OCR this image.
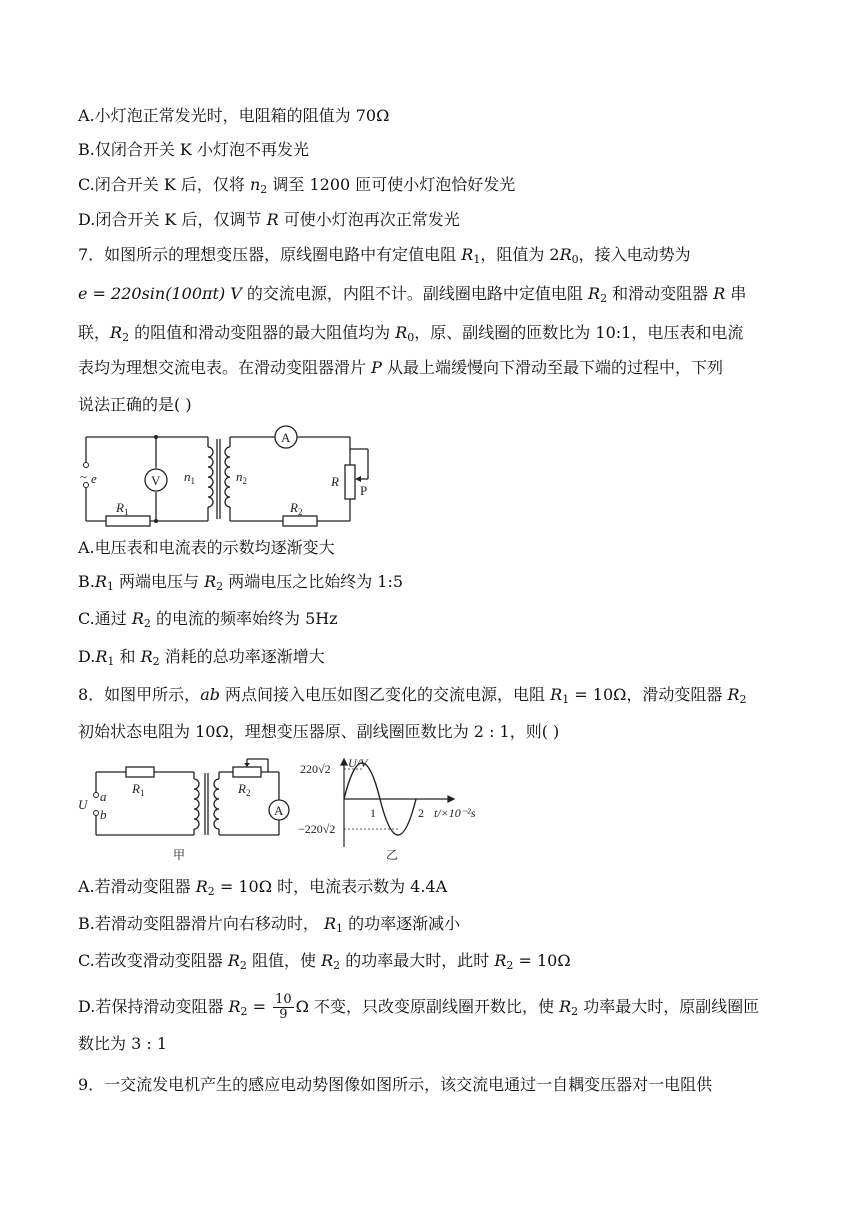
A.小灯泡正常发光时，电阻箱的阻值为 70Ω
B.仅闭合开关 K 小灯泡不再发光
C.闭合开关 K 后，仅将 $n_2$ 调至 1200 匝可使小灯泡恰好发光
D.闭合开关 K 后，仅调节 R 可使小灯泡再次正常发光
7．如图所示的理想变压器，原线圈电路中有定值电阻 $R_1$，阻值为 $2R_0$，接入电动势为
e = 220sin(100πt) V 的交流电源，内阻不计。副线圈电路中定值电阻 $R_2$ 和滑动变阻器 R 串
联，$R_2$ 的阻值和滑动变阻器的最大阻值均为 $R_0$，原、副线圈的匝数比为 10:1，电压表和电流
表均为理想交流电表。在滑动变阻器滑片 P 从最上端缓慢向下滑动至最下端的过程中，下列
说法正确的是( )
~ e	V
A
$n_1$	$n_2$	R
P
$R_1$	$R_2$
A.电压表和电流表的示数均逐渐变大
$B.R_1$ 两端电压与 $R_2$ 两端电压之比始终为 1:5
C.通过 $R_2$ 的电流的频率始终为 5Hz
$D.R_1$ 和 $R_2$ 消耗的总功率逐渐增大
8．如图甲所示，ab 两点间接入电压如图乙变化的交流电源，电阻 $R_1 = 10\Omega$，滑动变阻器 $R_2$
初始状态电阻为 10Ω，理想变压器原、副线圈匝数比为 2 : 1，则( )
U
a
b
$R_1$	$R_2$
A
甲
220√2
−220√2
U/V
1	2 t/×10⁻²s
乙
A.若滑动变阻器 $R_2 = 10\Omega$ 时，电流表示数为 4.4A
B.若滑动变阻器滑片向右移动时， $R_1$ 的功率逐渐减小
C.若改变滑动变阻器 $R_2$ 阻值，使 $R_2$ 的功率最大时，此时 $R_2 = 10\Omega$
D.若保持滑动变阻器 $R_2 = \frac{10}{9}$ Ω 不变，只改变原副线圈开数比，使 $R_2$ 功率最大时，原副线圈匝
数比为 3 : 1
9．一交流发电机产生的感应电动势图像如图所示，该交流电通过一自耦变压器对一电阻供
